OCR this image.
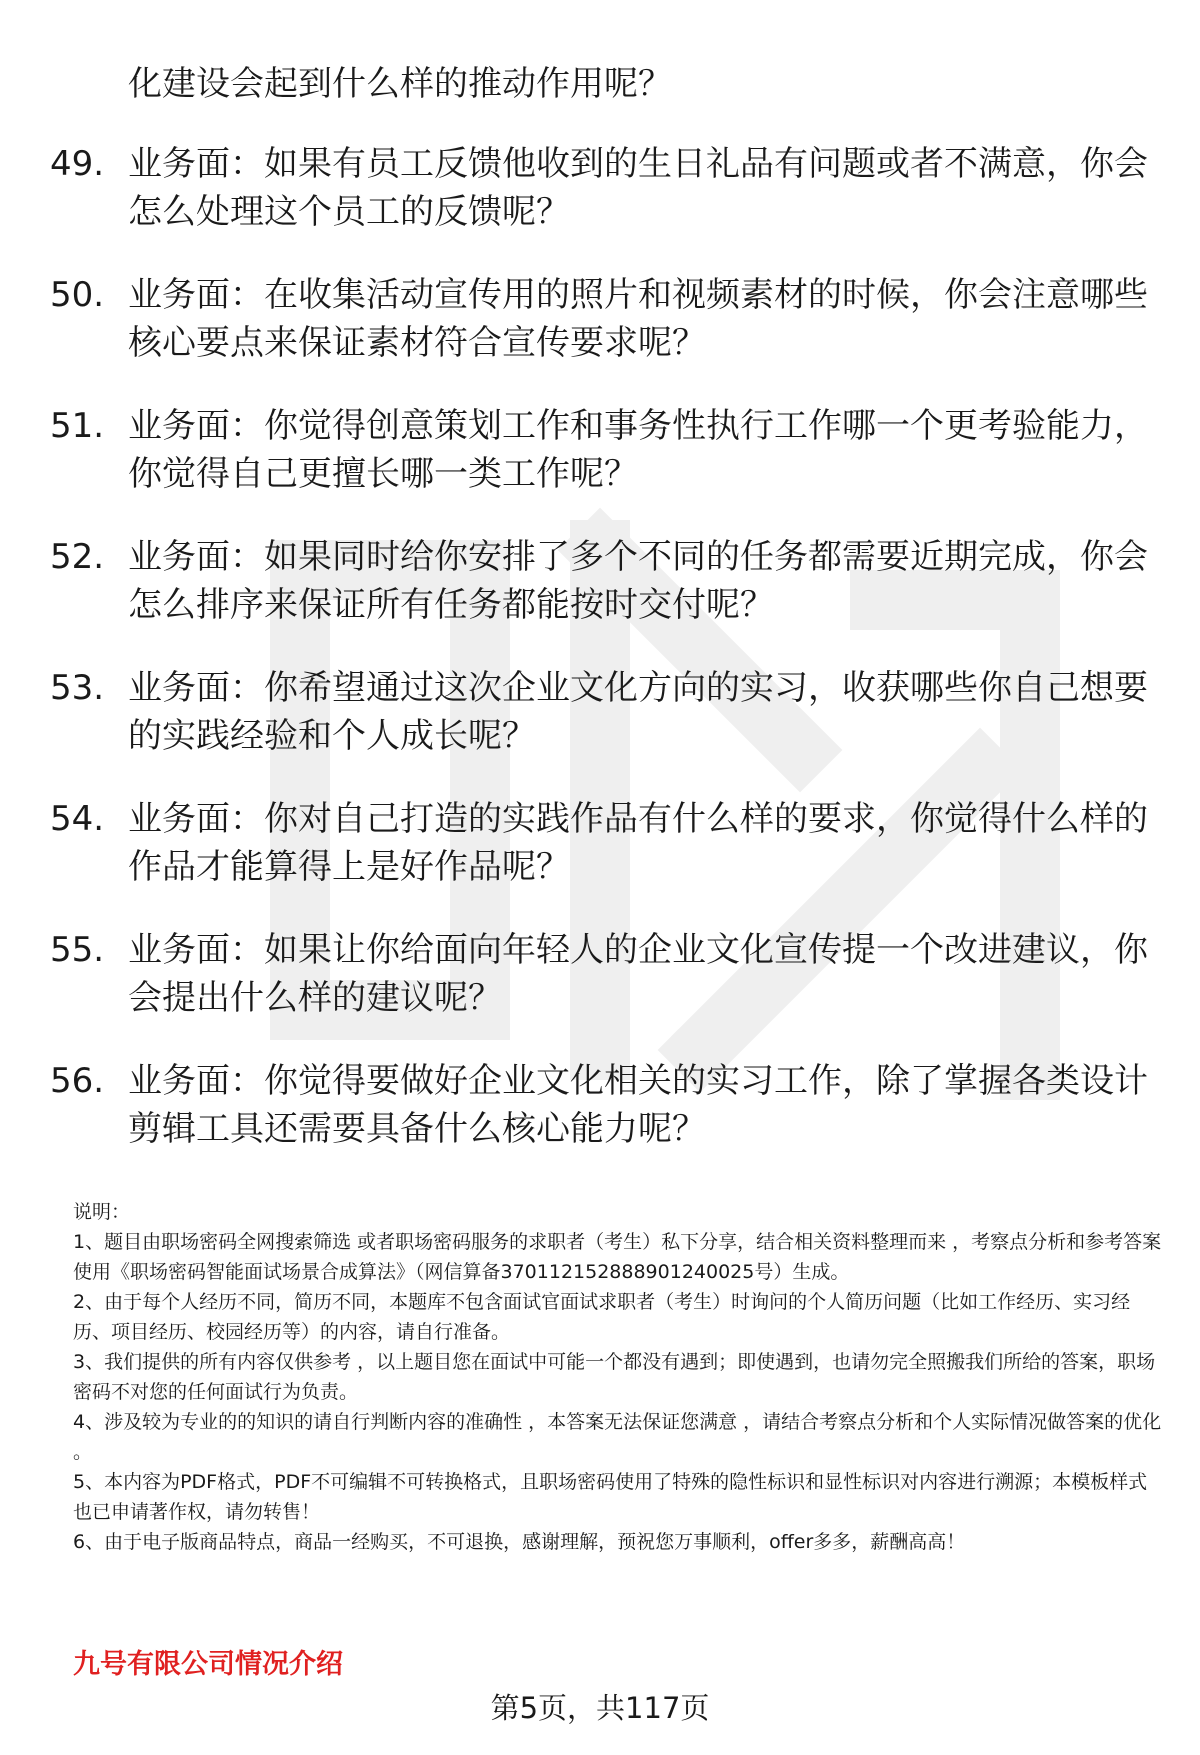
化建设会起到什么样的推动作用呢？

49. 业务面：如果有员工反馈他收到的生日礼品有问题或者不满意，你会怎么处理这个员工的反馈呢？
50. 业务面：在收集活动宣传用的照片和视频素材的时候，你会注意哪些核心要点来保证素材符合宣传要求呢？
51. 业务面：你觉得创意策划工作和事务性执行工作哪一个更考验能力，你觉得自己更擅长哪一类工作呢？
52. 业务面：如果同时给你安排了多个不同的任务都需要近期完成，你会怎么排序来保证所有任务都能按时交付呢？
53. 业务面：你希望通过这次企业文化方向的实习，收获哪些你自己想要的实践经验和个人成长呢？
54. 业务面：你对自己打造的实践作品有什么样的要求，你觉得什么样的作品才能算得上是好作品呢？
55. 业务面：如果让你给面向年轻人的企业文化宣传提一个改进建议，你会提出什么样的建议呢？
56. 业务面：你觉得要做好企业文化相关的实习工作，除了掌握各类设计剪辑工具还需要具备什么核心能力呢？

说明：

1、题目由职场密码全网搜索筛选 或者职场密码服务的求职者（考生）私下分享，结合相关资料整理而来 ，考察点分析和参考答案使用《职场密码智能面试场景合成算法》（网信算备370112152888901240025号）生成。

2、由于每个人经历不同，简历不同，本题库不包含面试官面试求职者（考生）时询问的个人简历问题（比如工作经历、实习经历、项目经历、校园经历等）的内容，请自行准备。

3、我们提供的所有内容仅供参考 ，以上题目您在面试中可能一个都没有遇到；即使遇到，也请勿完全照搬我们所给的答案，职场密码不对您的任何面试行为负责。

4、涉及较为专业的的知识的请自行判断内容的准确性 ，本答案无法保证您满意 ，请结合考察点分析和个人实际情况做答案的优化 。

5、本内容为PDF格式，PDF不可编辑不可转换格式，且职场密码使用了特殊的隐性标识和显性标识对内容进行溯源；本模板样式也已申请著作权，请勿转售！

6、由于电子版商品特点，商品一经购买，不可退换，感谢理解，预祝您万事顺利，offer多多，薪酬高高！

九号有限公司情况介绍
第5页，共117页
